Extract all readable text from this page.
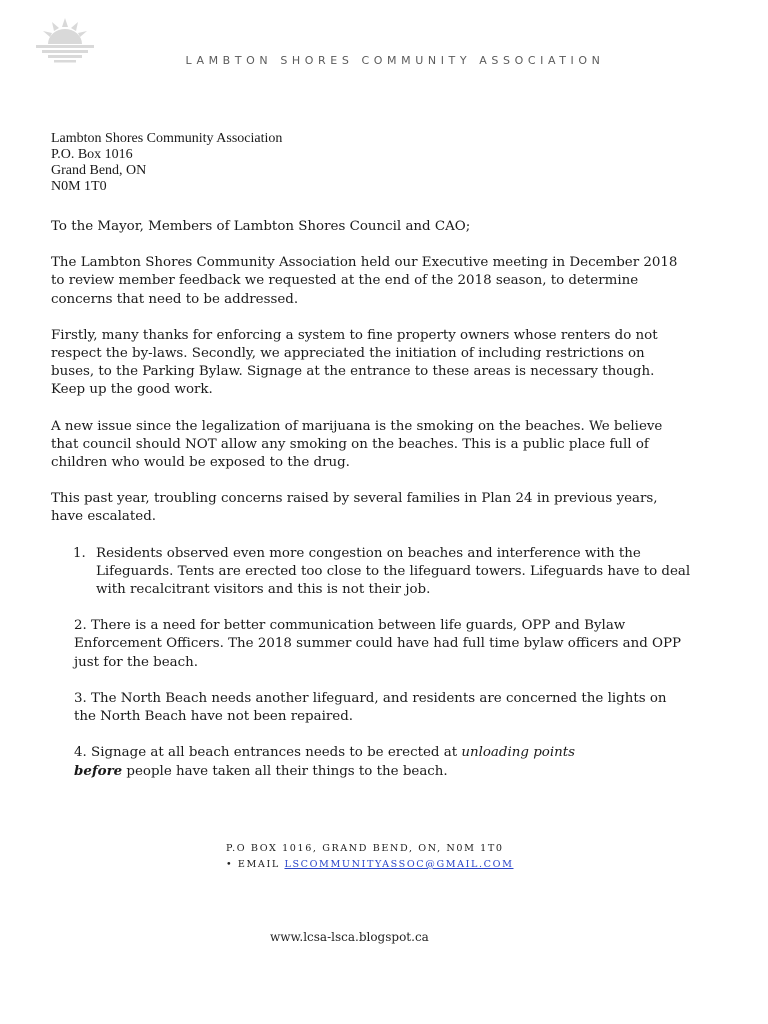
LAMBTON SHORES COMMUNITY ASSOCIATION
Lambton Shores Community Association
P.O. Box 1016
Grand Bend, ON
N0M 1T0

To the Mayor, Members of Lambton Shores Council and CAO;

The Lambton Shores Community Association held our Executive meeting in December 2018 to review member feedback we requested at the end of the 2018 season, to determine concerns that need to be addressed.

Firstly, many thanks for enforcing a system to fine property owners whose renters do not respect the by-laws. Secondly, we appreciated the initiation of including restrictions on buses, to the Parking Bylaw. Signage at the entrance to these areas is necessary though. Keep up the good work.

A new issue since the legalization of marijuana is the smoking on the beaches. We believe that council should NOT allow any smoking on the beaches. This is a public place full of children who would be exposed to the drug.

This past year, troubling concerns raised by several families in Plan 24 in previous years, have escalated.

1. Residents observed even more congestion on beaches and interference with the Lifeguards. Tents are erected too close to the lifeguard towers. Lifeguards have to deal with recalcitrant visitors and this is not their job.
2. There is a need for better communication between life guards, OPP and Bylaw Enforcement Officers. The 2018 summer could have had full time bylaw officers and OPP just for the beach.
3. The North Beach needs another lifeguard, and residents are concerned the lights on the North Beach have not been repaired.
4. Signage at all beach entrances needs to be erected at unloading points
before people have taken all their things to the beach.
P.O BOX 1016, GRAND BEND, ON, N0M 1T0
• EMAIL LSCOMMUNITYASSOC@GMAIL.COM
www.lcsa-lsca.blogspot.ca
